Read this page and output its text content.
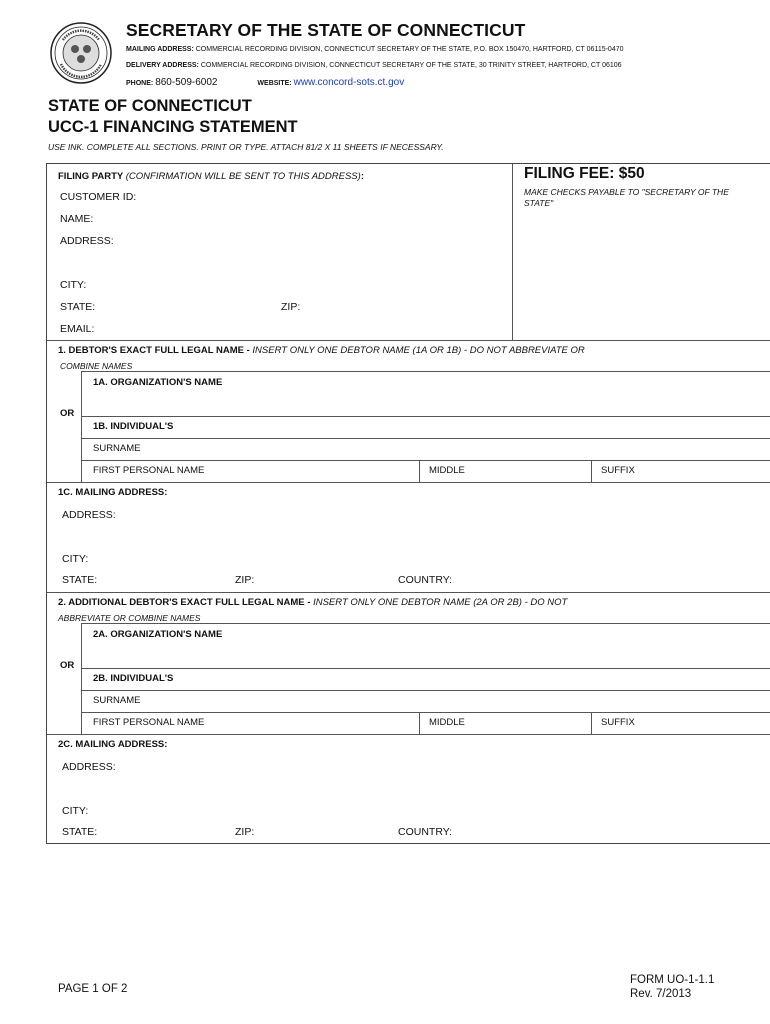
SECRETARY OF THE STATE OF CONNECTICUT
MAILING ADDRESS: COMMERCIAL RECORDING DIVISION, CONNECTICUT SECRETARY OF THE STATE, P.O. BOX 150470, HARTFORD, CT 06115-0470
DELIVERY ADDRESS: COMMERCIAL RECORDING DIVISION, CONNECTICUT SECRETARY OF THE STATE, 30 TRINITY STREET, HARTFORD, CT 06106
PHONE: 860-509-6002	WEBSITE: www.concord-sots.ct.gov
STATE OF CONNECTICUT
UCC-1 FINANCING STATEMENT
USE INK. COMPLETE ALL SECTIONS. PRINT OR TYPE. ATTACH 81/2 X 11 SHEETS IF NECESSARY.
FILING PARTY (CONFIRMATION WILL BE SENT TO THIS ADDRESS):
CUSTOMER ID:
NAME:
ADDRESS:
CITY:
STATE:	ZIP:
EMAIL:
FILING FEE: $50
MAKE CHECKS PAYABLE TO "SECRETARY OF THE STATE"
1. DEBTOR'S EXACT FULL LEGAL NAME - INSERT ONLY ONE DEBTOR NAME (1A OR 1B) - DO NOT ABBREVIATE OR
COMBINE NAMES
1A. ORGANIZATION'S NAME
OR
1B. INDIVIDUAL'S
SURNAME
FIRST PERSONAL NAME	MIDDLE	SUFFIX
1C. MAILING ADDRESS:
ADDRESS:
CITY:
STATE:	ZIP:	COUNTRY:
2. ADDITIONAL DEBTOR'S EXACT FULL LEGAL NAME - INSERT ONLY ONE DEBTOR NAME (2A OR 2B) - DO NOT
ABBREVIATE OR COMBINE NAMES
2A. ORGANIZATION'S NAME
OR
2B. INDIVIDUAL'S
SURNAME
FIRST PERSONAL NAME	MIDDLE	SUFFIX
2C. MAILING ADDRESS:
ADDRESS:
CITY:
STATE:	ZIP:	COUNTRY:
PAGE 1 OF 2
FORM UO-1-1.1
Rev. 7/2013
